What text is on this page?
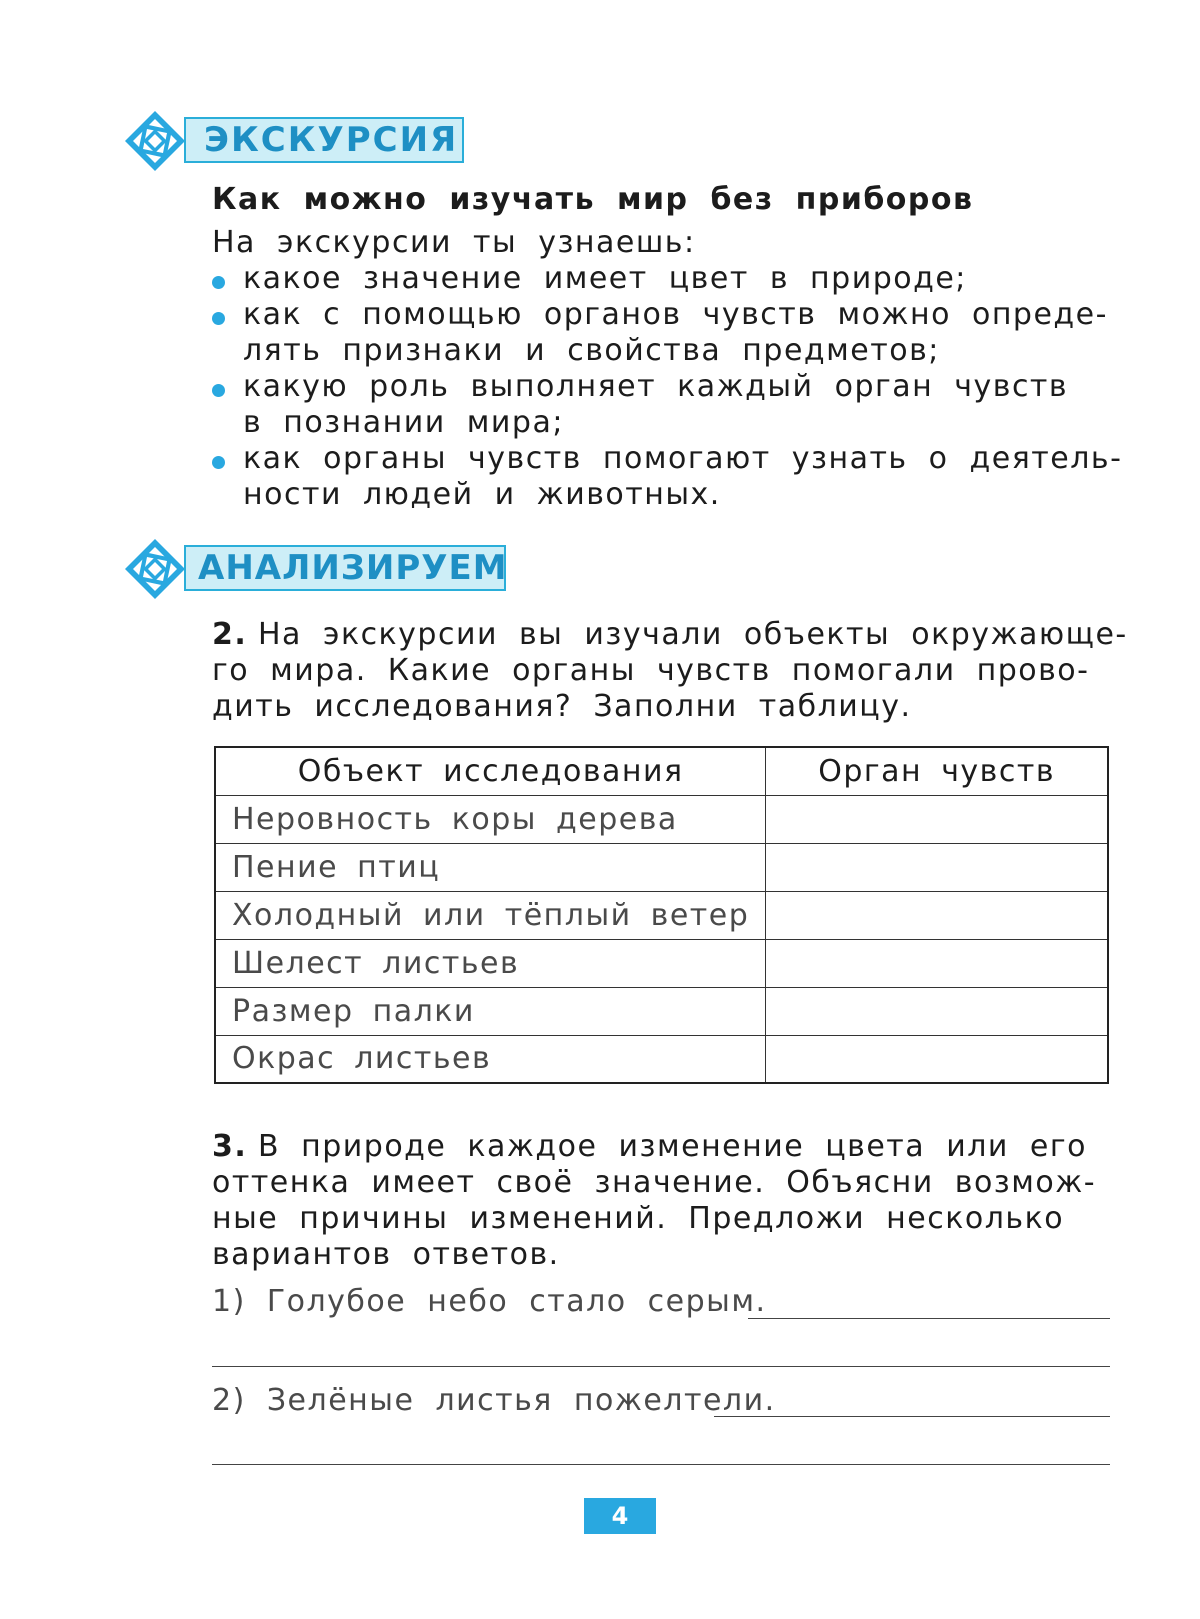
ЭКСКУРСИЯ
Как можно изучать мир без приборов
На экскурсии ты узнаешь:
какое значение имеет цвет в природе;
как с помощью органов чувств можно опреде-
лять признаки и свойства предметов;
какую роль выполняет каждый орган чувств
в познании мира;
как органы чувств помогают узнать о деятель-
ности людей и животных.
АНАЛИЗИРУЕМ
2. На экскурсии вы изучали объекты окружающе-
го мира. Какие органы чувств помогали прово-
дить исследования? Заполни таблицу.
Объект исследования	Орган чувств
Неровность коры дерева	
Пение птиц	
Холодный или тёплый ветер	
Шелест листьев	
Размер палки	
Окрас листьев	
3. В природе каждое изменение цвета или его
оттенка имеет своё значение. Объясни возмож-
ные причины изменений. Предложи несколько
вариантов ответов.
1) Голубое небо стало серым.
2) Зелёные листья пожелтели.
4
